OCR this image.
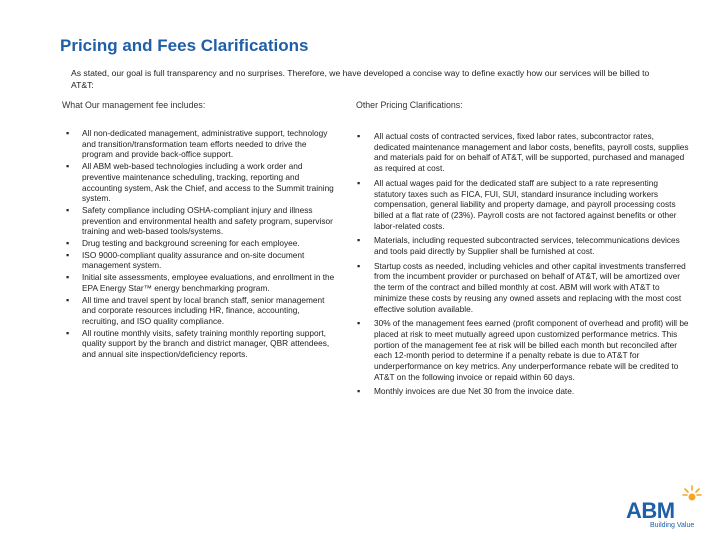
Pricing and Fees Clarifications
As stated, our goal is full transparency and no surprises. Therefore, we have developed a concise way to define exactly how our services will be billed to AT&T:
What Our management fee includes:	Other Pricing Clarifications:
▪ All non-dedicated management, administrative support, technology and transition/transformation team efforts needed to drive the program and provide back-office support.
▪ All ABM web-based technologies including a work order and preventive maintenance scheduling, tracking, reporting and accounting system, Ask the Chief, and access to the Summit training system.
▪ Safety compliance including OSHA-compliant injury and illness prevention and environmental health and safety program, supervisor training and web-based tools/systems.
▪ Drug testing and background screening for each employee.
▪ ISO 9000-compliant quality assurance and on-site document management system.
▪ Initial site assessments, employee evaluations, and enrollment in the EPA Energy Star™ energy benchmarking program.
▪ All time and travel spent by local branch staff, senior management and corporate resources including HR, finance, accounting, recruiting, and ISO quality compliance.
▪ All routine monthly visits, safety training monthly reporting support, quality support by the branch and district manager, QBR attendees, and annual site inspection/deficiency reports.
▪ All actual costs of contracted services, fixed labor rates, subcontractor rates, dedicated maintenance management and labor costs, benefits, payroll costs, supplies and materials paid for on behalf of AT&T, will be supported, purchased and managed as required at cost.
▪ All actual wages paid for the dedicated staff are subject to a rate representing statutory taxes such as FICA, FUI, SUI, standard insurance including workers compensation, general liability and property damage, and payroll processing costs billed at a flat rate of (23%). Payroll costs are not factored against benefits or other labor-related costs.
▪ Materials, including requested subcontracted services, telecommunications devices and tools paid directly by Supplier shall be furnished at cost.
▪ Startup costs as needed, including vehicles and other capital investments transferred from the incumbent provider or purchased on behalf of AT&T, will be amortized over the term of the contract and billed monthly at cost. ABM will work with AT&T to minimize these costs by reusing any owned assets and replacing with the most cost effective solution available.
▪ 30% of the management fees earned (profit component of overhead and profit) will be placed at risk to meet mutually agreed upon customized performance metrics. This portion of the management fee at risk will be billed each month but reconciled after each 12-month period to determine if a penalty rebate is due to AT&T for underperformance on key metrics. Any underperformance rebate will be credited to AT&T on the following invoice or repaid within 60 days.
▪ Monthly invoices are due Net 30 from the invoice date.
ABM
Building Value
